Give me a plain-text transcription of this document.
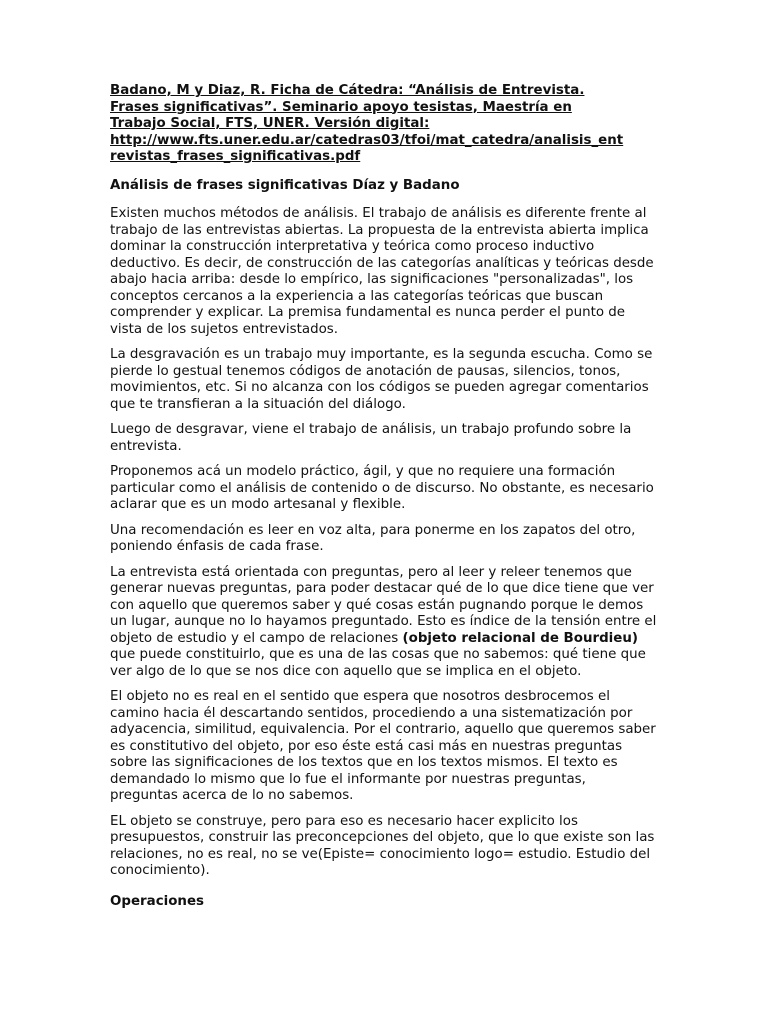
Badano, M y Diaz, R. Ficha de Cátedra: “Análisis de Entrevista.
Frases significativas”. Seminario apoyo tesistas, Maestría en
Trabajo Social, FTS, UNER. Versión digital:
http://www.fts.uner.edu.ar/catedras03/tfoi/mat_catedra/analisis_ent
revistas_frases_significativas.pdf
Análisis de frases significativas Díaz y Badano

Existen muchos métodos de análisis. El trabajo de análisis es diferente frente al trabajo de las entrevistas abiertas. La propuesta de la entrevista abierta implica dominar la construcción interpretativa y teórica como proceso inductivo deductivo. Es decir, de construcción de las categorías analíticas y teóricas desde abajo hacia arriba: desde lo empírico, las significaciones "personalizadas", los conceptos cercanos a la experiencia a las categorías teóricas que buscan comprender y explicar. La premisa fundamental es nunca perder el punto de vista de los sujetos entrevistados.

La desgravación es un trabajo muy importante, es la segunda escucha. Como se pierde lo gestual tenemos códigos de anotación de pausas, silencios, tonos, movimientos, etc. Si no alcanza con los códigos se pueden agregar comentarios que te transfieran a la situación del diálogo.

Luego de desgravar, viene el trabajo de análisis, un trabajo profundo sobre la entrevista.

Proponemos acá un modelo práctico, ágil, y que no requiere una formación particular como el análisis de contenido o de discurso. No obstante, es necesario aclarar que es un modo artesanal y flexible.

Una recomendación es leer en voz alta, para ponerme en los zapatos del otro, poniendo énfasis de cada frase.

La entrevista está orientada con preguntas, pero al leer y releer tenemos que generar nuevas preguntas, para poder destacar qué de lo que dice tiene que ver con aquello que queremos saber y qué cosas están pugnando porque le demos un lugar, aunque no lo hayamos preguntado. Esto es índice de la tensión entre el objeto de estudio y el campo de relaciones (objeto relacional de Bourdieu) que puede constituirlo, que es una de las cosas que no sabemos: qué tiene que ver algo de lo que se nos dice con aquello que se implica en el objeto.

El objeto no es real en el sentido que espera que nosotros desbrocemos el camino hacia él descartando sentidos, procediendo a una sistematización por adyacencia, similitud, equivalencia. Por el contrario, aquello que queremos saber es constitutivo del objeto, por eso éste está casi más en nuestras preguntas sobre las significaciones de los textos que en los textos mismos. El texto es demandado lo mismo que lo fue el informante por nuestras preguntas, preguntas acerca de lo no sabemos.

EL objeto se construye, pero para eso es necesario hacer explicito los presupuestos, construir las preconcepciones del objeto, que lo que existe son las relaciones, no es real, no se ve(Episte= conocimiento logo= estudio. Estudio del conocimiento).

Operaciones
